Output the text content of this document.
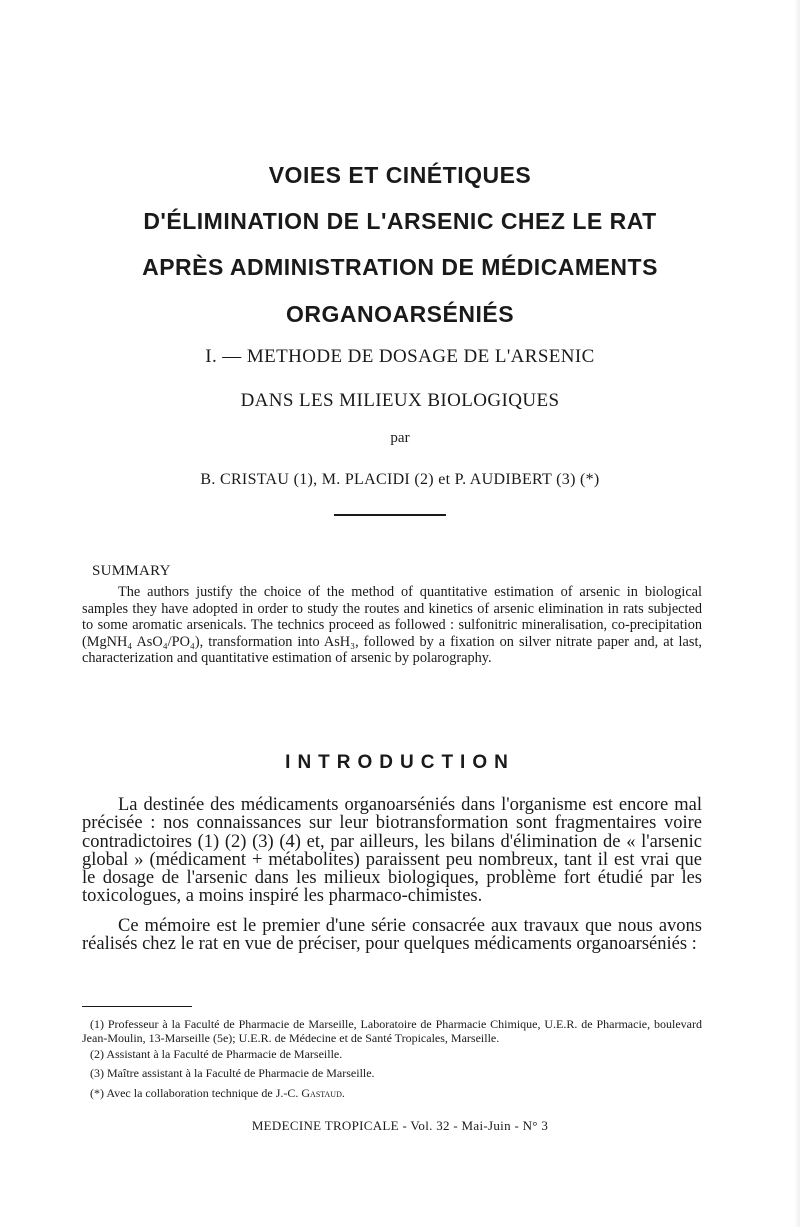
VOIES ET CINÉTIQUES
D'ÉLIMINATION DE L'ARSENIC CHEZ LE RAT
APRÈS ADMINISTRATION DE MÉDICAMENTS
ORGANOARSÉNIÉS
I. — METHODE DE DOSAGE DE L'ARSENIC
DANS LES MILIEUX BIOLOGIQUES
par
B. CRISTAU (1), M. PLACIDI (2) et P. AUDIBERT (3) (*)
SUMMARY
The authors justify the choice of the method of quantitative estimation of arsenic in biological samples they have adopted in order to study the routes and kinetics of arsenic elimination in rats subjected to some aromatic arsenicals. The technics proceed as followed : sulfonitric mineralisation, co-precipitation (MgNH₄ AsO₄/PO₄), transformation into AsH₃, followed by a fixation on silver nitrate paper and, at last, characterization and quantitative estimation of arsenic by polarography.
INTRODUCTION
La destinée des médicaments organoarséniés dans l'organisme est encore mal précisée : nos connaissances sur leur biotransformation sont fragmentaires voire contradictoires (1) (2) (3) (4) et, par ailleurs, les bilans d'élimination de « l'arsenic global » (médicament + métabolites) paraissent peu nombreux, tant il est vrai que le dosage de l'arsenic dans les milieux biologiques, problème fort étudié par les toxicologues, a moins inspiré les pharmaco-chimistes.
Ce mémoire est le premier d'une série consacrée aux travaux que nous avons réalisés chez le rat en vue de préciser, pour quelques médicaments organoarséniés :
(1) Professeur à la Faculté de Pharmacie de Marseille, Laboratoire de Pharmacie Chimique, U.E.R. de Pharmacie, boulevard Jean-Moulin, 13-Marseille (5e); U.E.R. de Médecine et de Santé Tropicales, Marseille.
(2) Assistant à la Faculté de Pharmacie de Marseille.
(3) Maître assistant à la Faculté de Pharmacie de Marseille.
(*) Avec la collaboration technique de J.-C. Gastaud.
MEDECINE TROPICALE - Vol. 32 - Mai-Juin - N° 3
